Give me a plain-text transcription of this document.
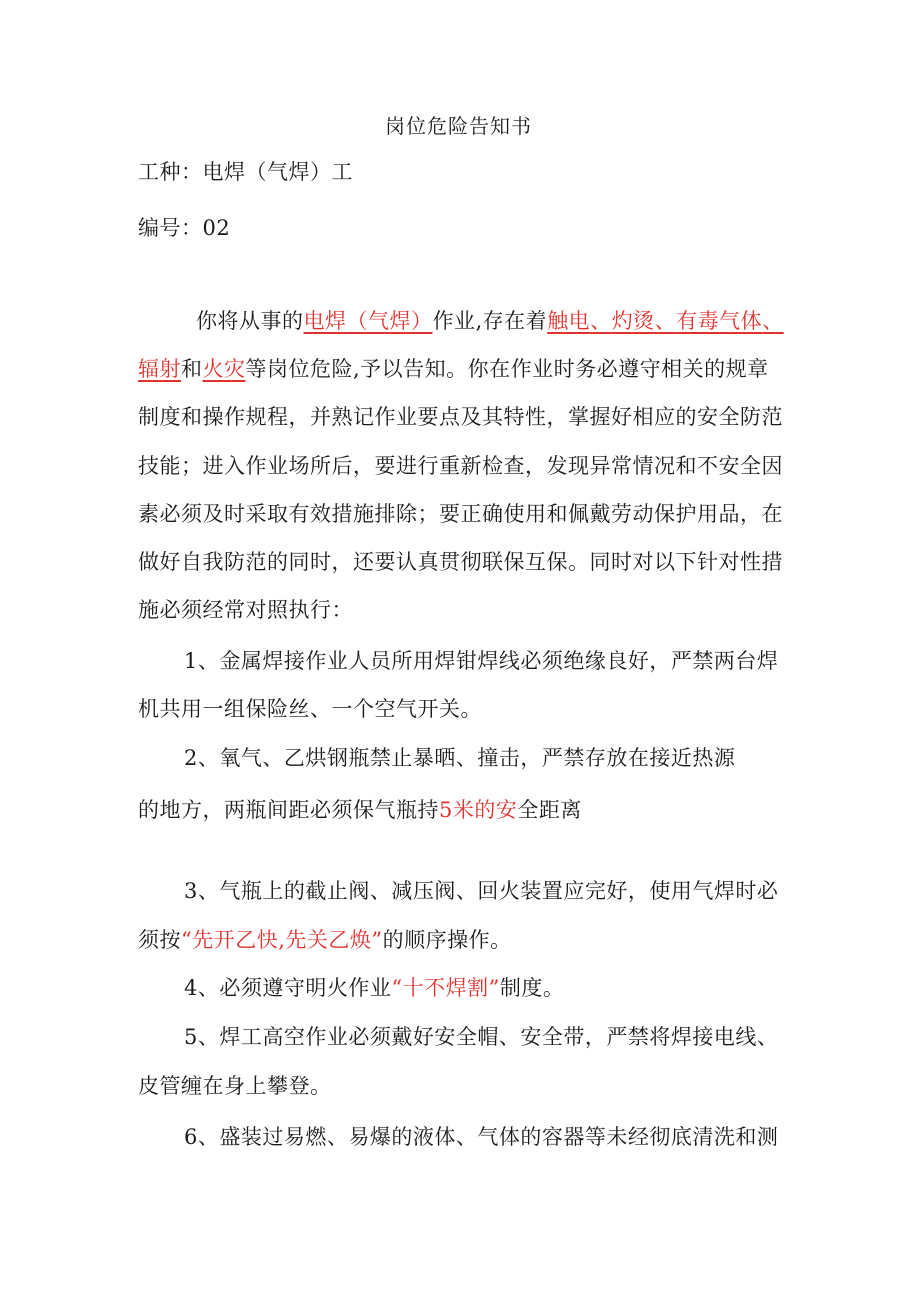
岗位危险告知书
工种：电焊（气焊）工
编号：02
你将从事的电焊（气焊）作业,存在着触电、灼烫、有毒气体、
辐射和火灾等岗位危险,予以告知。你在作业时务必遵守相关的规章
制度和操作规程，并熟记作业要点及其特性，掌握好相应的安全防范
技能；进入作业场所后，要进行重新检查，发现异常情况和不安全因
素必须及时采取有效措施排除；要正确使用和佩戴劳动保护用品，在
做好自我防范的同时，还要认真贯彻联保互保。同时对以下针对性措
施必须经常对照执行：
1、金属焊接作业人员所用焊钳焊线必须绝缘良好，严禁两台焊
机共用一组保险丝、一个空气开关。
2、氧气、乙烘钢瓶禁止暴晒、撞击，严禁存放在接近热源
的地方，两瓶间距必须保气瓶持5米的安全距离
3、气瓶上的截止阀、减压阀、回火装置应完好，使用气焊时必
须按“先开乙快,先关乙焕”的顺序操作。
4、必须遵守明火作业“十不焊割”制度。
5、焊工高空作业必须戴好安全帽、安全带，严禁将焊接电线、
皮管缠在身上攀登。
6、盛装过易燃、易爆的液体、气体的容器等未经彻底清洗和测
